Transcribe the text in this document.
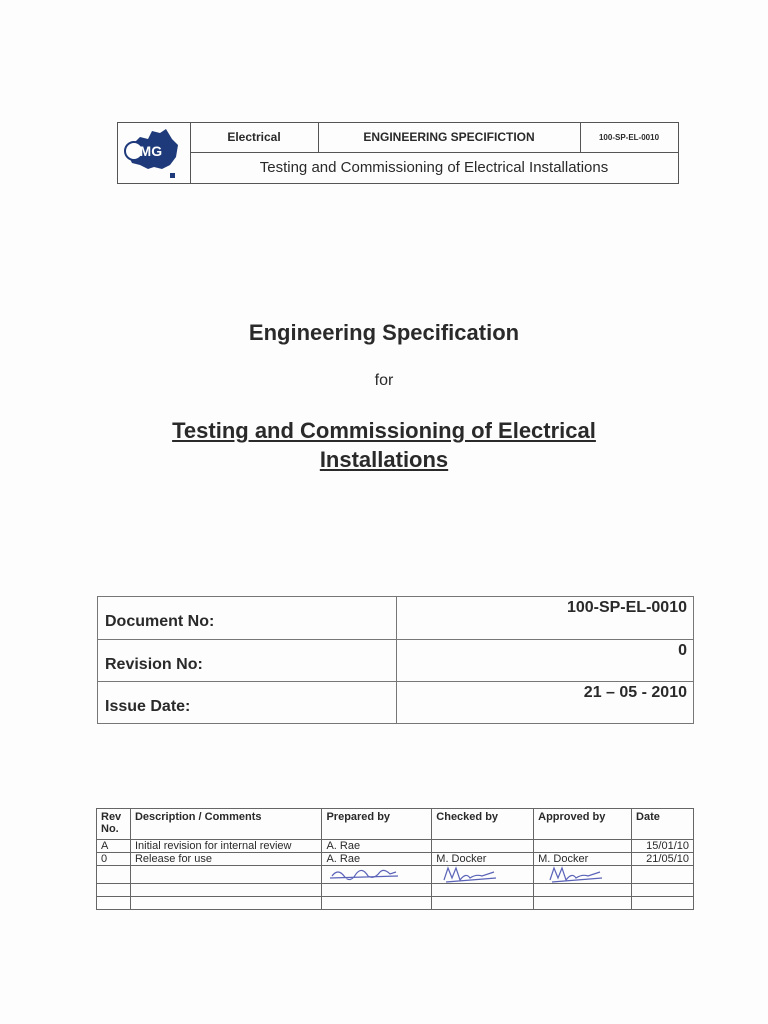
FMG
Electrical	ENGINEERING SPECIFICTION	100-SP-EL-0010
Testing and Commissioning of Electrical Installations
Engineering Specification
for
Testing and Commissioning of Electrical
Installations
Document No:
100-SP-EL-0010
Revision No:
0
Issue Date:
21 – 05 - 2010
Rev No.	Description / Comments	Prepared by	Checked by	Approved by	Date
A	Initial revision for internal review	A. Rae			15/01/10
0	Release for use	A. Rae	M. Docker	M. Docker	21/05/10
